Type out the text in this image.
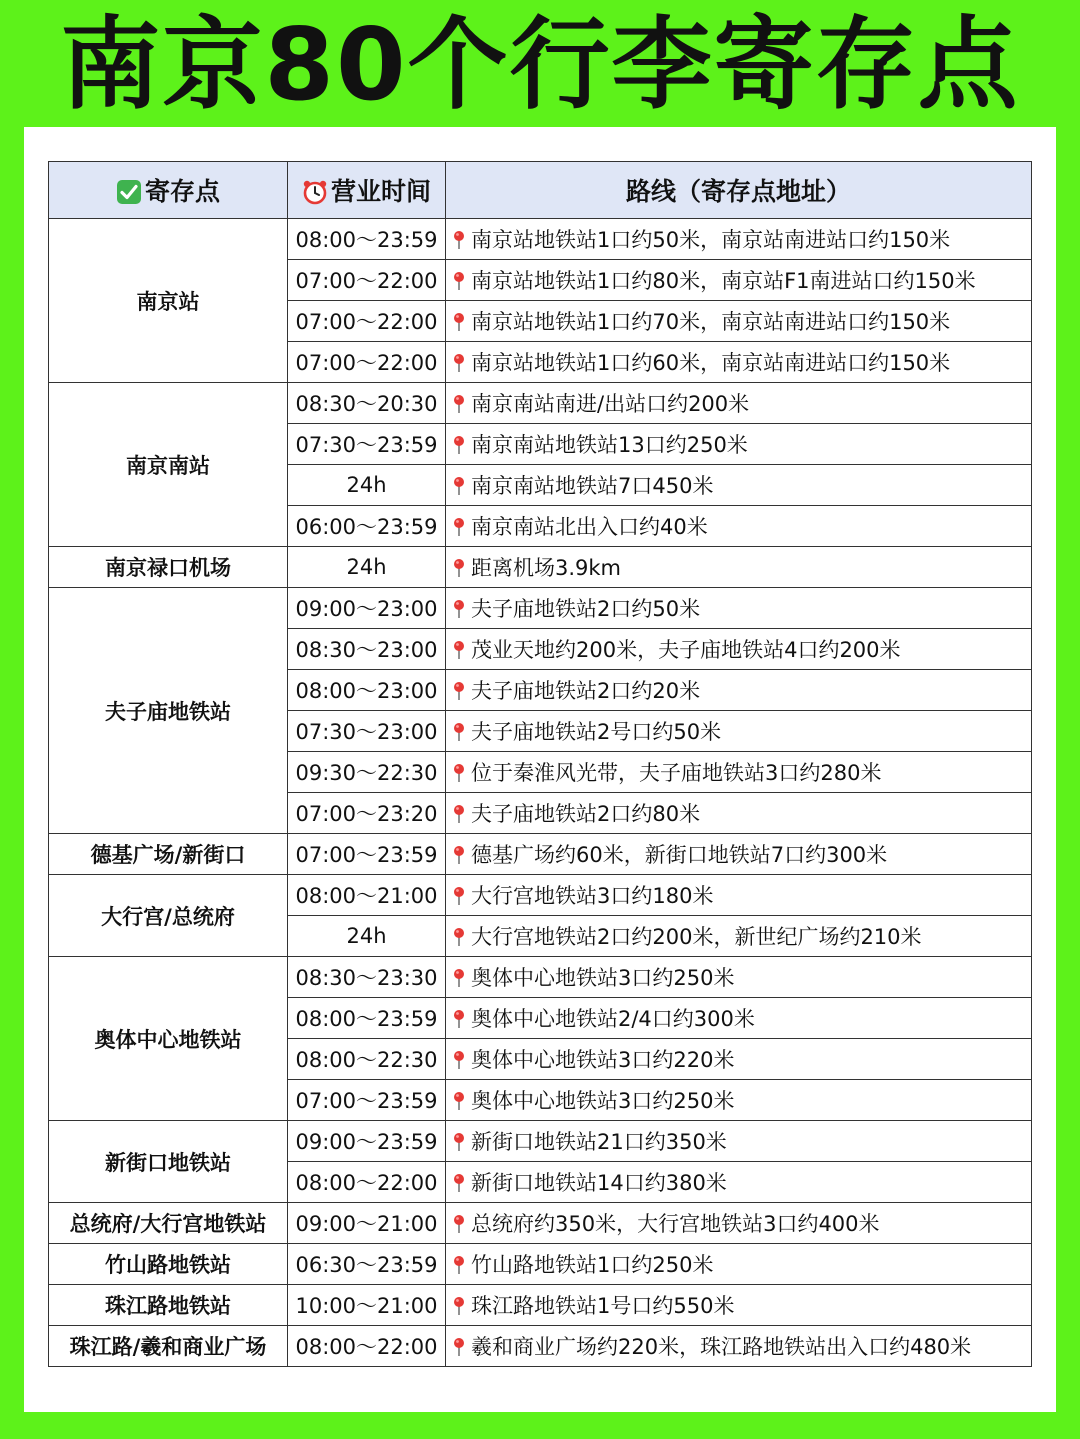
南京80个行李寄存点
寄存点	营业时间	路线（寄存点地址）
南京站	08:00～23:59	南京站地铁站1口约50米，南京站南进站口约150米
	07:00～22:00	南京站地铁站1口约80米，南京站F1南进站口约150米
	07:00～22:00	南京站地铁站1口约70米，南京站南进站口约150米
	07:00～22:00	南京站地铁站1口约60米，南京站南进站口约150米
南京南站	08:30～20:30	南京南站南进/出站口约200米
	07:30～23:59	南京南站地铁站13口约250米
	24h	南京南站地铁站7口450米
	06:00～23:59	南京南站北出入口约40米
南京禄口机场	24h	距离机场3.9km
夫子庙地铁站	09:00～23:00	夫子庙地铁站2口约50米
	08:30～23:00	茂业天地约200米，夫子庙地铁站4口约200米
	08:00～23:00	夫子庙地铁站2口约20米
	07:30～23:00	夫子庙地铁站2号口约50米
	09:30～22:30	位于秦淮风光带，夫子庙地铁站3口约280米
	07:00～23:20	夫子庙地铁站2口约80米
德基广场/新街口	07:00～23:59	德基广场约60米，新街口地铁站7口约300米
大行宫/总统府	08:00～21:00	大行宫地铁站3口约180米
	24h	大行宫地铁站2口约200米，新世纪广场约210米
奥体中心地铁站	08:30～23:30	奥体中心地铁站3口约250米
	08:00～23:59	奥体中心地铁站2/4口约300米
	08:00～22:30	奥体中心地铁站3口约220米
	07:00～23:59	奥体中心地铁站3口约250米
新街口地铁站	09:00～23:59	新街口地铁站21口约350米
	08:00～22:00	新街口地铁站14口约380米
总统府/大行宫地铁站	09:00～21:00	总统府约350米，大行宫地铁站3口约400米
竹山路地铁站	06:30～23:59	竹山路地铁站1口约250米
珠江路地铁站	10:00～21:00	珠江路地铁站1号口约550米
珠江路/羲和商业广场	08:00～22:00	羲和商业广场约220米，珠江路地铁站出入口约480米
